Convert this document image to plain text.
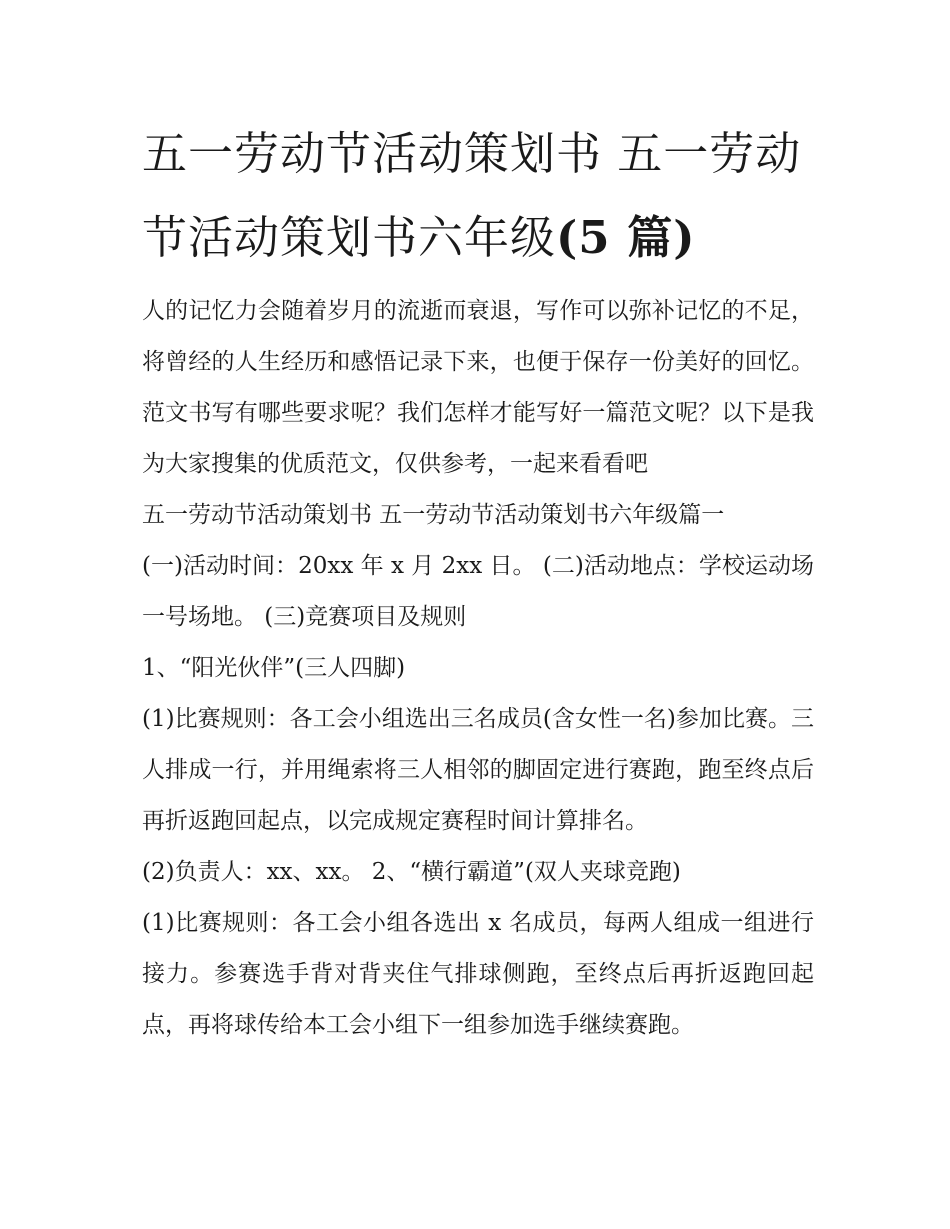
五一劳动节活动策划书 五一劳动节活动策划书六年级(5 篇)

人的记忆力会随着岁月的流逝而衰退，写作可以弥补记忆的不足，将曾经的人生经历和感悟记录下来，也便于保存一份美好的回忆。范文书写有哪些要求呢？我们怎样才能写好一篇范文呢？以下是我为大家搜集的优质范文，仅供参考，一起来看看吧

五一劳动节活动策划书 五一劳动节活动策划书六年级篇一

(一)活动时间：20xx 年 x 月 2xx 日。 (二)活动地点：学校运动场一号场地。 (三)竞赛项目及规则

1、“阳光伙伴”(三人四脚)

(1)比赛规则：各工会小组选出三名成员(含女性一名)参加比赛。三人排成一行，并用绳索将三人相邻的脚固定进行赛跑，跑至终点后再折返跑回起点，以完成规定赛程时间计算排名。

(2)负责人：xx、xx。 2、“横行霸道”(双人夹球竞跑)

(1)比赛规则：各工会小组各选出 x 名成员，每两人组成一组进行接力。参赛选手背对背夹住气排球侧跑，至终点后再折返跑回起点，再将球传给本工会小组下一组参加选手继续赛跑。
